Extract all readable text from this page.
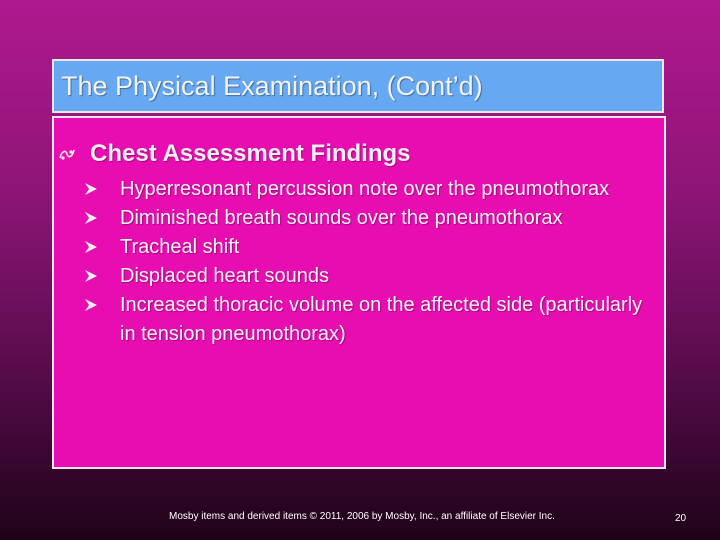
The Physical Examination, (Cont’d)
Chest Assessment Findings
Hyperresonant percussion note over the pneumothorax
Diminished breath sounds over the pneumothorax
Tracheal shift
Displaced heart sounds
Increased thoracic volume on the affected side (particularly in tension pneumothorax)
Mosby items and derived items © 2011, 2006 by Mosby, Inc., an affiliate of Elsevier Inc.	20
